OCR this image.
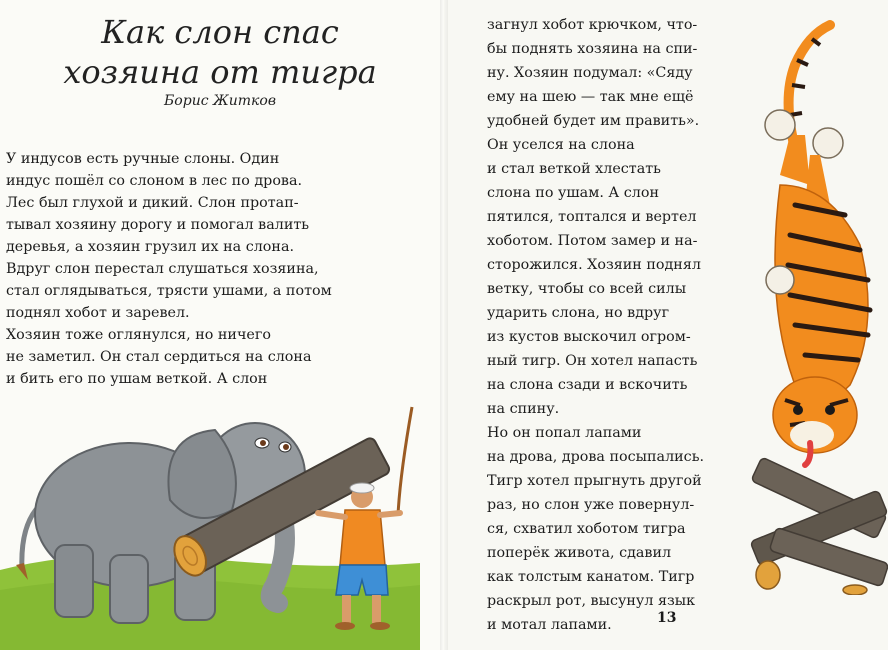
Как слон спас
хозяина от тигра
Борис Житков
У индусов есть ручные слоны. Один
индус пошёл со слоном в лес по дрова.
Лес был глухой и дикий. Слон протап-
тывал хозяину дорогу и помогал валить
деревья, а хозяин грузил их на слона.
Вдруг слон перестал слушаться хозяина,
стал оглядываться, трясти ушами, а потом
поднял хобот и заревел.
Хозяин тоже оглянулся, но ничего
не заметил. Он стал сердиться на слона
и бить его по ушам веткой. А слон
загнул хобот крючком, что-
бы поднять хозяина на спи-
ну. Хозяин подумал: «Сяду
ему на шею — так мне ещё
удобней будет им править».
Он уселся на слона
и стал веткой хлестать
слона по ушам. А слон
пятился, топтался и вертел
хоботом. Потом замер и на-
сторожился. Хозяин поднял
ветку, чтобы со всей силы
ударить слона, но вдруг
из кустов выскочил огром-
ный тигр. Он хотел напасть
на слона сзади и вскочить
на спину.
Но он попал лапами
на дрова, дрова посыпались.
Тигр хотел прыгнуть другой
раз, но слон уже повернул-
ся, схватил хоботом тигра
поперёк живота, сдавил
как толстым канатом. Тигр
раскрыл рот, высунул язык
и мотал лапами.	13
